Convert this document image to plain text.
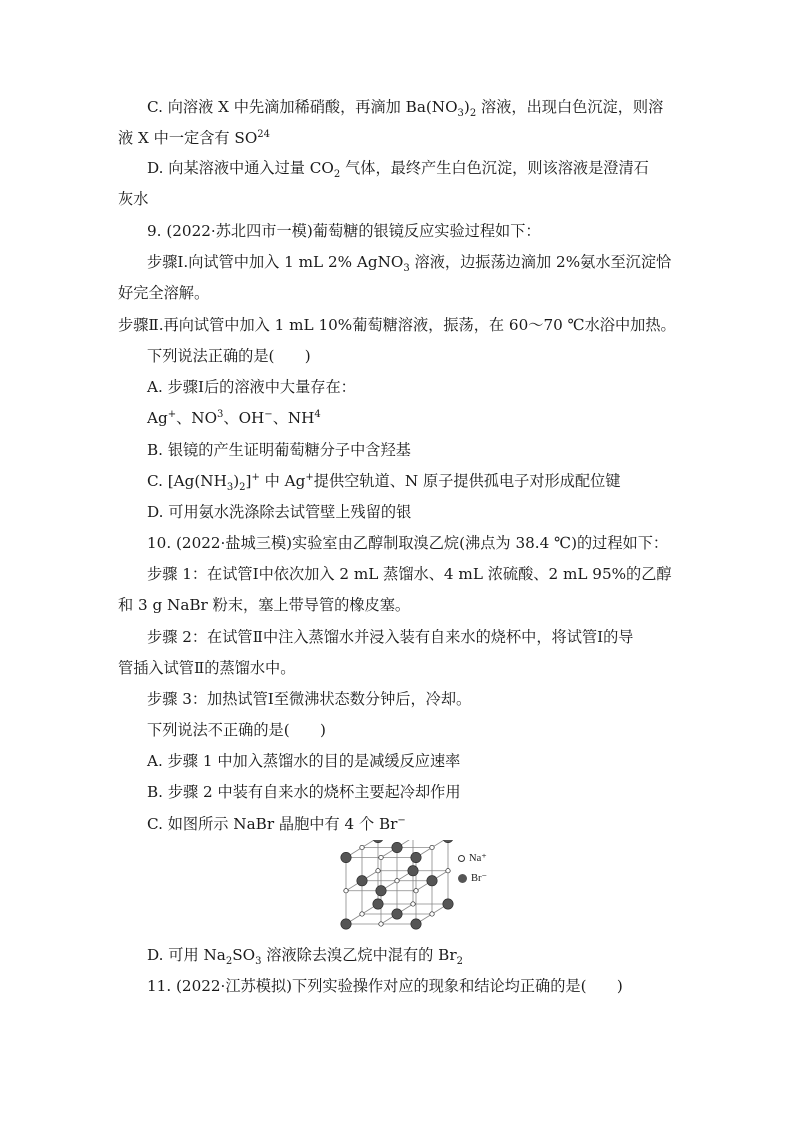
C. 向溶液 X 中先滴加稀硝酸，再滴加 $Ba(NO_3)_2$ 溶液，出现白色沉淀，则溶
液 X 中一定含有 SO$^{24}$
D. 向某溶液中通入过量 $CO_2$ 气体，最终产生白色沉淀，则该溶液是澄清石
灰水
9. (2022·苏北四市一模)葡萄糖的银镜反应实验过程如下：
步骤Ⅰ.向试管中加入 1 mL 2% AgNO$_3$ 溶液，边振荡边滴加 2%氨水至沉淀恰
好完全溶解。
步骤Ⅱ.再向试管中加入 1 mL 10%葡萄糖溶液，振荡，在 60～70 ℃水浴中加热。
下列说法正确的是(　　)
A. 步骤Ⅰ后的溶液中大量存在：
Ag+、$NO^3$、OH−、$NH^4$
B. 银镜的产生证明葡萄糖分子中含羟基
C. $[Ag(NH_3)_2]^+$ 中 Ag+提供空轨道、N 原子提供孤电子对形成配位键
D. 可用氨水洗涤除去试管壁上残留的银
10. (2022·盐城三模)实验室由乙醇制取溴乙烷(沸点为 38.4 ℃)的过程如下：
步骤 1：在试管Ⅰ中依次加入 2 mL 蒸馏水、4 mL 浓硫酸、2 mL 95%的乙醇
和 3 g NaBr 粉末，塞上带导管的橡皮塞。
步骤 2：在试管Ⅱ中注入蒸馏水并浸入装有自来水的烧杯中，将试管Ⅰ的导
管插入试管Ⅱ的蒸馏水中。
步骤 3：加热试管Ⅰ至微沸状态数分钟后，冷却。
下列说法不正确的是(　　)
A. 步骤 1 中加入蒸馏水的目的是减缓反应速率
B. 步骤 2 中装有自来水的烧杯主要起冷却作用
C. 如图所示 NaBr 晶胞中有 4 个 Br−
Na⁺
Br⁻
D. 可用 $Na_2SO_3$ 溶液除去溴乙烷中混有的 $Br_2$
11. (2022·江苏模拟)下列实验操作对应的现象和结论均正确的是(　　)
